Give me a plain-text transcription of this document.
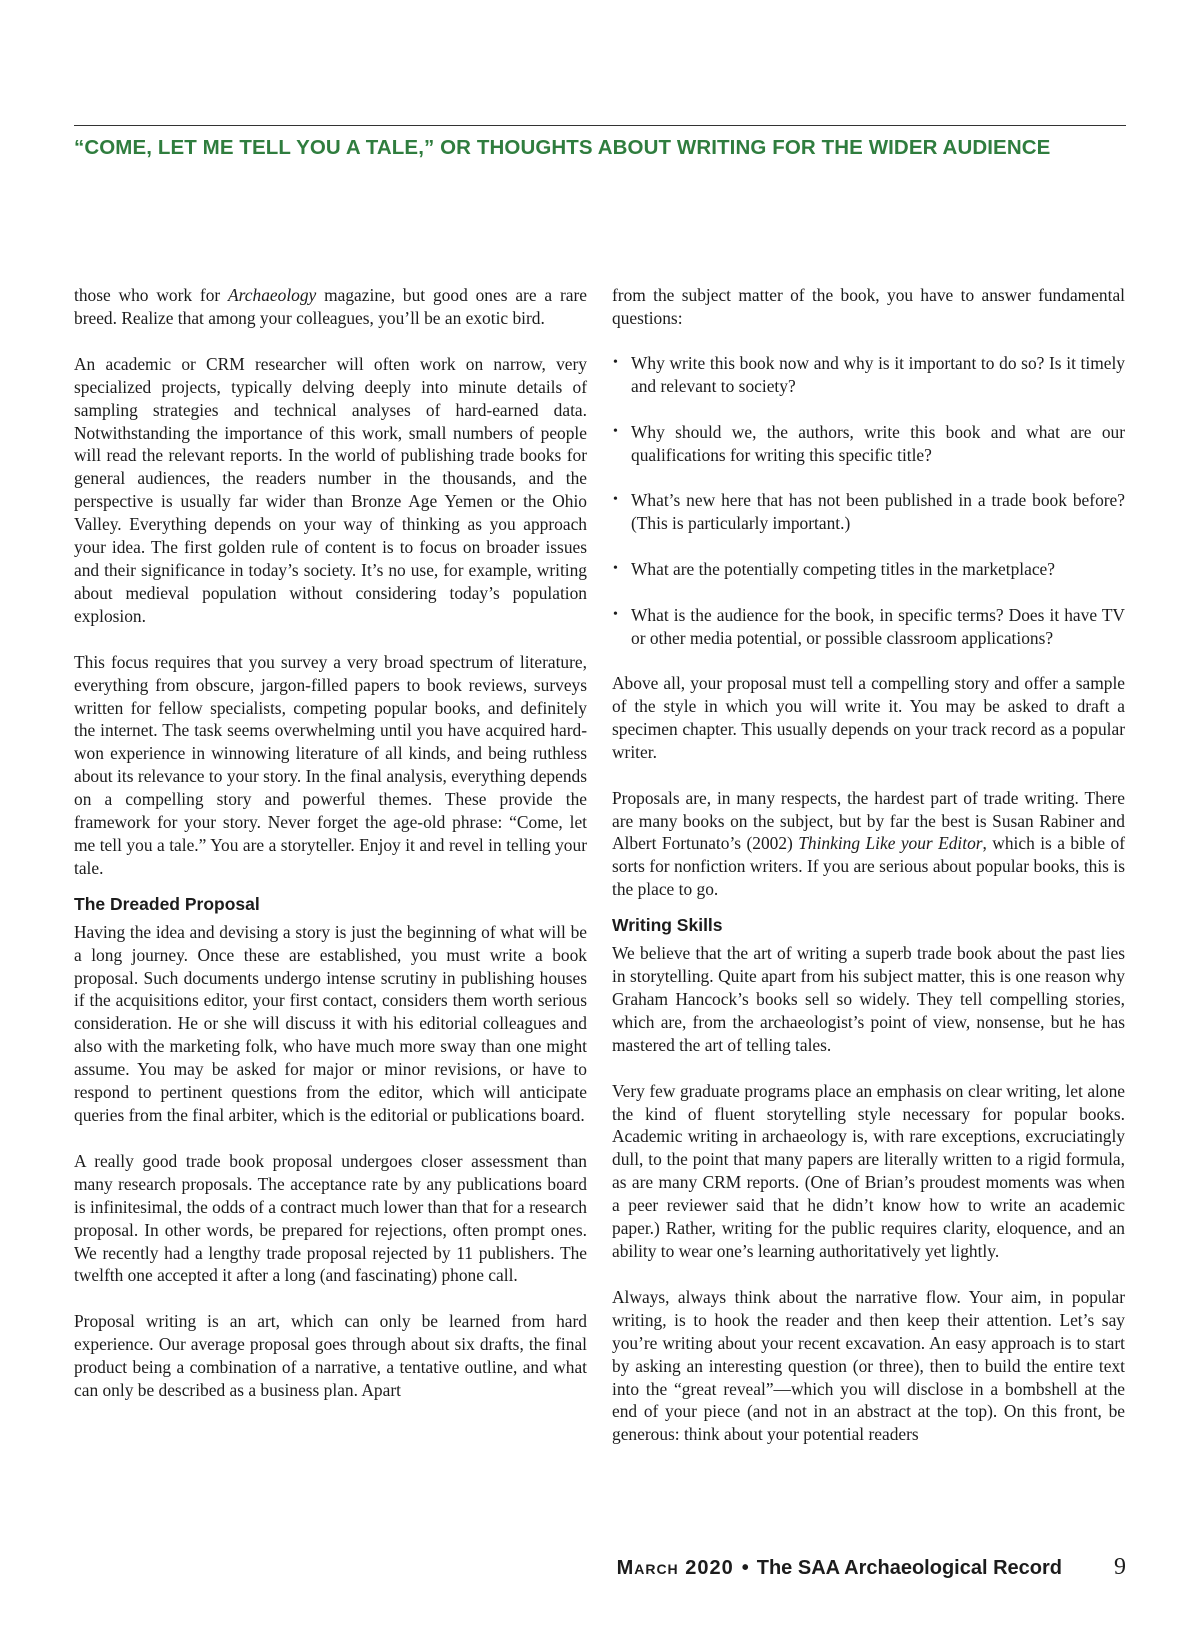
“COME, LET ME TELL YOU A TALE,” OR THOUGHTS ABOUT WRITING FOR THE WIDER AUDIENCE

those who work for Archaeology magazine, but good ones are a rare breed. Realize that among your colleagues, you’ll be an exotic bird.

An academic or CRM researcher will often work on narrow, very specialized projects, typically delving deeply into minute details of sampling strategies and technical analyses of hard-earned data. Notwithstanding the importance of this work, small numbers of people will read the relevant reports. In the world of publishing trade books for general audiences, the readers number in the thousands, and the perspective is usually far wider than Bronze Age Yemen or the Ohio Valley. Everything depends on your way of thinking as you approach your idea. The first golden rule of content is to focus on broader issues and their significance in today’s society. It’s no use, for example, writing about medieval population without considering today’s population explosion.

This focus requires that you survey a very broad spectrum of literature, everything from obscure, jargon-filled papers to book reviews, surveys written for fellow specialists, competing popular books, and definitely the internet. The task seems overwhelming until you have acquired hard-won experience in winnowing literature of all kinds, and being ruthless about its relevance to your story. In the final analysis, everything depends on a compelling story and powerful themes. These provide the framework for your story. Never forget the age-old phrase: “Come, let me tell you a tale.” You are a storyteller. Enjoy it and revel in telling your tale.

The Dreaded Proposal

Having the idea and devising a story is just the beginning of what will be a long journey. Once these are established, you must write a book proposal. Such documents undergo intense scrutiny in publishing houses if the acquisitions editor, your first contact, considers them worth serious consideration. He or she will discuss it with his editorial colleagues and also with the marketing folk, who have much more sway than one might assume. You may be asked for major or minor revisions, or have to respond to pertinent questions from the editor, which will anticipate queries from the final arbiter, which is the editorial or publications board.

A really good trade book proposal undergoes closer assessment than many research proposals. The acceptance rate by any publications board is infinitesimal, the odds of a contract much lower than that for a research proposal. In other words, be prepared for rejections, often prompt ones. We recently had a lengthy trade proposal rejected by 11 publishers. The twelfth one accepted it after a long (and fascinating) phone call.

Proposal writing is an art, which can only be learned from hard experience. Our average proposal goes through about six drafts, the final product being a combination of a narrative, a tentative outline, and what can only be described as a business plan. Apart

from the subject matter of the book, you have to answer fundamental questions:

• Why write this book now and why is it important to do so? Is it timely and relevant to society?
• Why should we, the authors, write this book and what are our qualifications for writing this specific title?
• What’s new here that has not been published in a trade book before? (This is particularly important.)
• What are the potentially competing titles in the marketplace?
• What is the audience for the book, in specific terms? Does it have TV or other media potential, or possible classroom applications?

Above all, your proposal must tell a compelling story and offer a sample of the style in which you will write it. You may be asked to draft a specimen chapter. This usually depends on your track record as a popular writer.

Proposals are, in many respects, the hardest part of trade writing. There are many books on the subject, but by far the best is Susan Rabiner and Albert Fortunato’s (2002) Thinking Like your Editor, which is a bible of sorts for nonfiction writers. If you are serious about popular books, this is the place to go.

Writing Skills

We believe that the art of writing a superb trade book about the past lies in storytelling. Quite apart from his subject matter, this is one reason why Graham Hancock’s books sell so widely. They tell compelling stories, which are, from the archaeologist’s point of view, nonsense, but he has mastered the art of telling tales.

Very few graduate programs place an emphasis on clear writing, let alone the kind of fluent storytelling style necessary for popular books. Academic writing in archaeology is, with rare exceptions, excruciatingly dull, to the point that many papers are literally written to a rigid formula, as are many CRM reports. (One of Brian’s proudest moments was when a peer reviewer said that he didn’t know how to write an academic paper.) Rather, writing for the public requires clarity, eloquence, and an ability to wear one’s learning authoritatively yet lightly.

Always, always think about the narrative flow. Your aim, in popular writing, is to hook the reader and then keep their attention. Let’s say you’re writing about your recent excavation. An easy approach is to start by asking an interesting question (or three), then to build the entire text into the “great reveal”—which you will disclose in a bombshell at the end of your piece (and not in an abstract at the top). On this front, be generous: think about your potential readers

March 2020 • The SAA Archaeological Record 9
